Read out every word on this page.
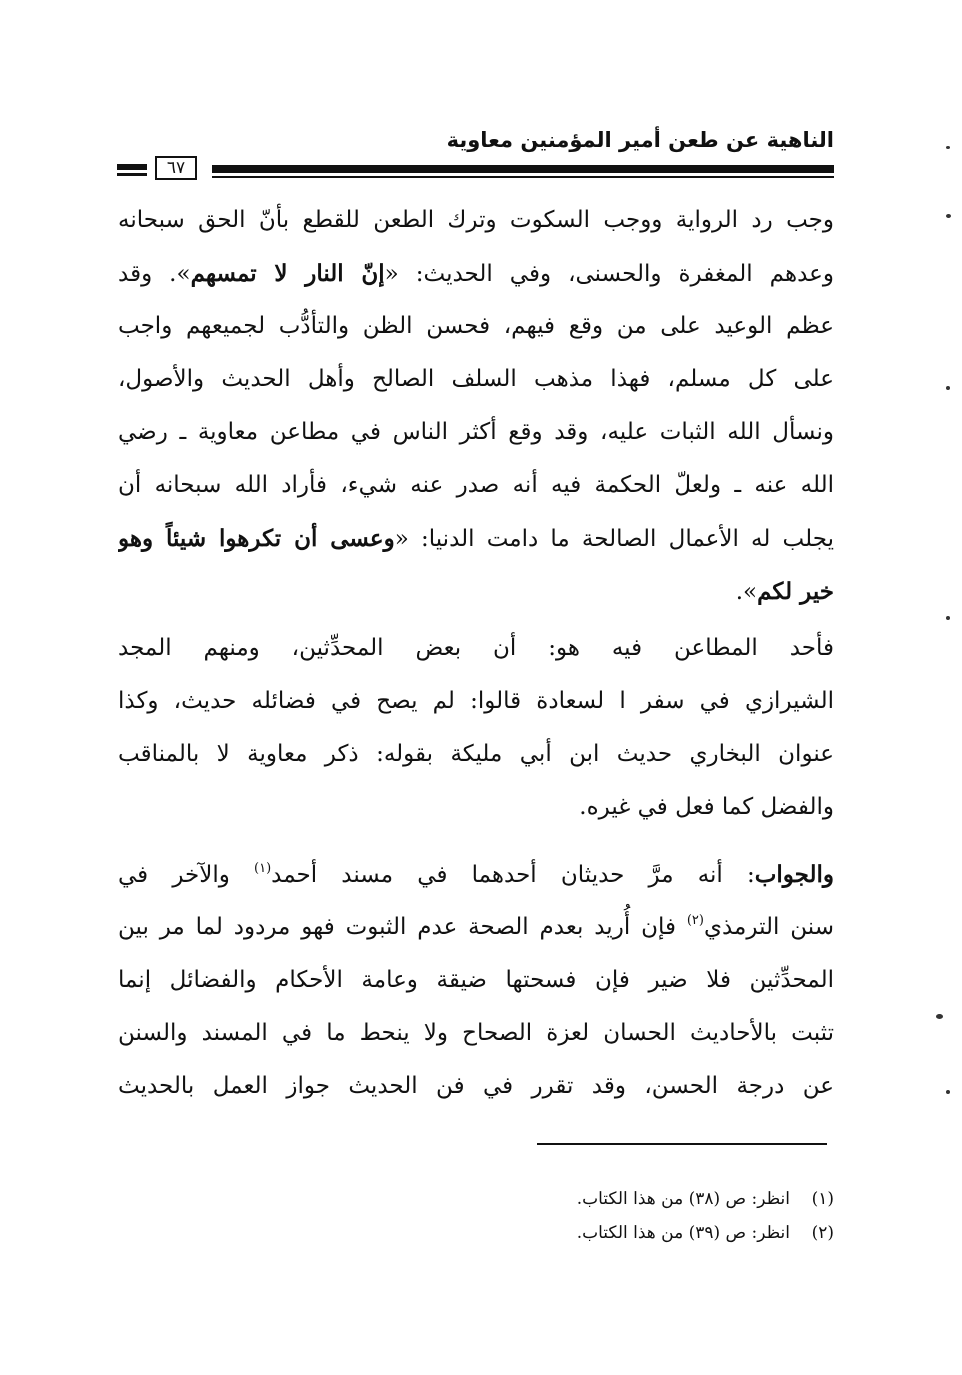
الناهية عن طعن أمير المؤمنين معاوية
٦٧
وجب رد الرواية ووجب السكوت وترك الطعن للقطع بأنّ الحق سبحانه
وعدهم المغفرة والحسنى، وفي الحديث: «إنّ النار لا تمسهم». وقد
عظم الوعيد على من وقع فيهم، فحسن الظن والتأدُّب لجميعهم واجب
على كل مسلم، فهذا مذهب السلف الصالح وأهل الحديث والأصول،
ونسأل الله الثبات عليه، وقد وقع أكثر الناس في مطاعن معاوية ـ رضي
الله عنه ـ ولعلّ الحكمة فيه أنه صدر عنه شيء، فأراد الله سبحانه أن
يجلب له الأعمال الصالحة ما دامت الدنيا: «وعسى أن تكرهوا شيئاً وهو
خير لكم».
فأحد المطاعن فيه هو: أن بعض المحدِّثين، ومنهم المجد
الشيرازي في سفر ا لسعادة قالوا: لم يصح في فضائله حديث، وكذا
عنوان البخاري حديث ابن أبي مليكة بقوله: ذكر معاوية لا بالمناقب
والفضل كما فعل في غيره.
والجواب: أنه مرَّ حديثان أحدهما في مسند أحمد$^{(١)}$ والآخر في
سنن الترمذي$^{(٢)}$ فإن أُريد بعدم الصحة عدم الثبوت فهو مردود لما مر بين
المحدِّثين فلا ضير فإن فسحتها ضيقة وعامة الأحكام والفضائل إنما
تثبت بالأحاديث الحسان لعزة الصحاح ولا ينحط ما في المسند والسنن
عن درجة الحسن، وقد تقرر في فن الحديث جواز العمل بالحديث
(١)انظر: ص (٣٨) من هذا الكتاب.
(٢)انظر: ص (٣٩) من هذا الكتاب.
